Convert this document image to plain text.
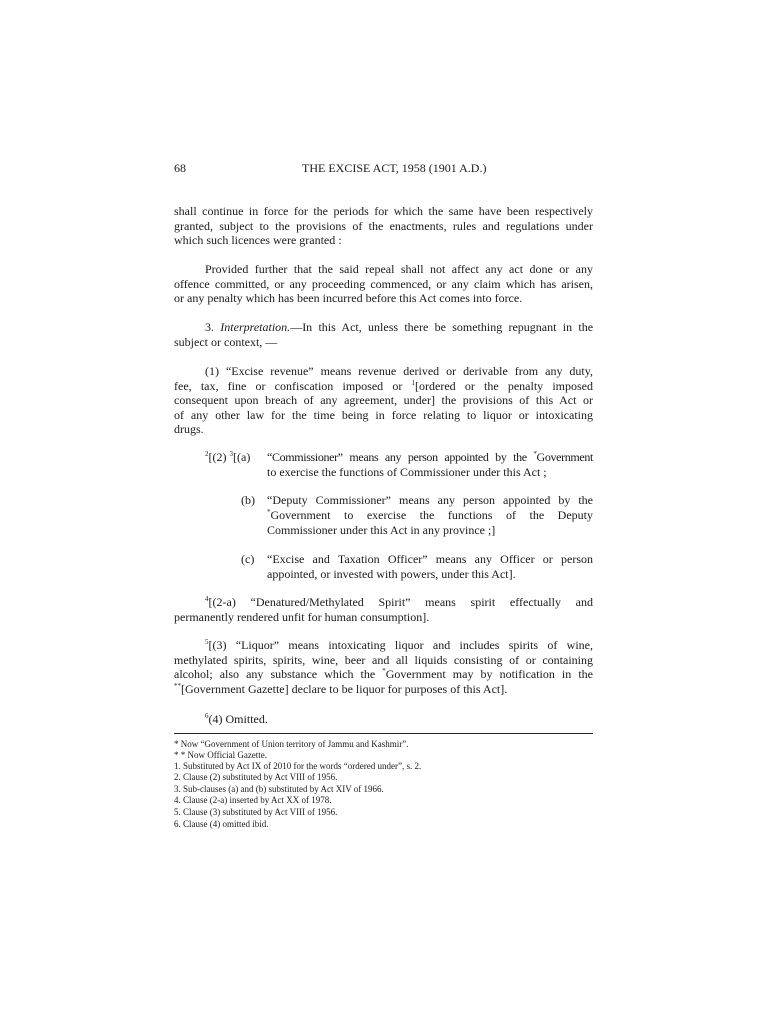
68	THE EXCISE ACT, 1958 (1901 A.D.)
shall continue in force for the periods for which the same have been respectively
granted, subject to the provisions of the enactments, rules and regulations under
which such licences were granted :
Provided further that the said repeal shall not affect any act done or any
offence committed, or any proceeding commenced, or any claim which has arisen,
or any penalty which has been incurred before this Act comes into force.
3. Interpretation.—In this Act, unless there be something repugnant in the
subject or context, —
(1) “Excise revenue” means revenue derived or derivable from any duty,
fee, tax, fine or confiscation imposed or $^1$[ordered or the penalty imposed
consequent upon breach of any agreement, under] the provisions of this Act or
of any other law for the time being in force relating to liquor or intoxicating
drugs.
$^2$[(2) $^3$[(a) “Commissioner” means any person appointed by the *Government
to exercise the functions of Commissioner under this Act ;
(b) “Deputy Commissioner” means any person appointed by the
*Government to exercise the functions of the Deputy
Commissioner under this Act in any province ;]
(c) “Excise and Taxation Officer” means any Officer or person
appointed, or invested with powers, under this Act].
$^4$[(2-a) “Denatured/Methylated Spirit” means spirit effectually and
permanently rendered unfit for human consumption].
$^5$[(3) “Liquor” means intoxicating liquor and includes spirits of wine,
methylated spirits, spirits, wine, beer and all liquids consisting of or containing
alcohol; also any substance which the *Government may by notification in the
**[Government Gazette] declare to be liquor for purposes of this Act].
$^6$(4) Omitted.
* Now “Government of Union territory of Jammu and Kashmir”.
* * Now Official Gazette.
1. Substituted by Act IX of 2010 for the words “ordered under”, s. 2.
2. Clause (2) substituted by Act VIII of 1956.
3. Sub-clauses (a) and (b) substituted by Act XIV of 1966.
4. Clause (2-a) inserted by Act XX of 1978.
5. Clause (3) substituted by Act VIII of 1956.
6. Clause (4) omitted ibid.
